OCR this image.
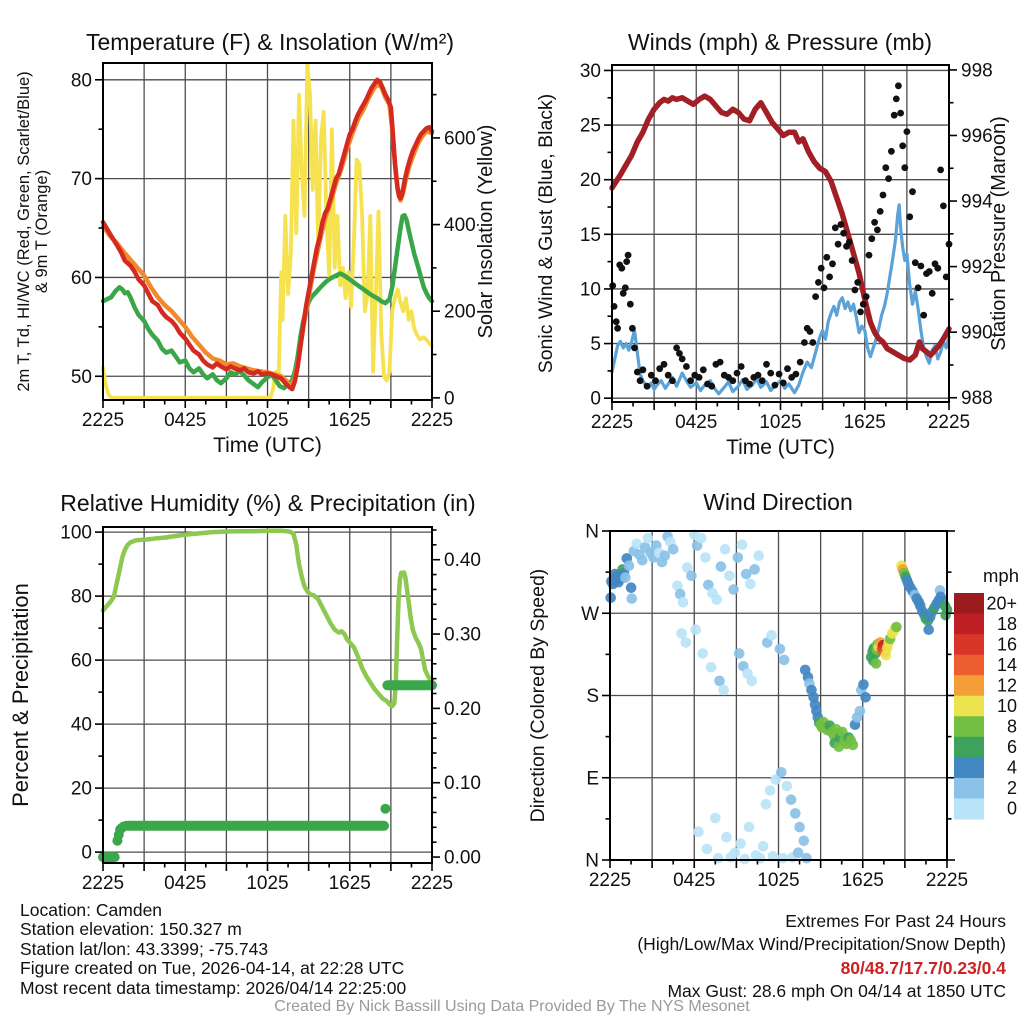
2225 0425 1025 1625 2225
50
60
70
80
0
200
400
600
Temperature (F) & Insolation (W/m²)
Time (UTC)
2m T, Td, HI/WC (Red, Green, Scarlet/Blue) & 9m T (Orange)	Solar Insolation (Yellow)
2225 0425 1025 1625 2225
0
5
10
15
20
25
30
988
990
992
994
996
998
Winds (mph) & Pressure (mb)
Time (UTC)
Sonic Wind & Gust (Blue, Black)	Station Pressure (Maroon)
2225 0425 1025 1625 2225
0
20
40
60
80
100
0.00
0.10
0.20
0.30
0.40
Relative Humidity (%) & Precipitation (in)
Percent & Precipitation
2225 0425 1025 1625 2225
N
W
S
E
N
Wind Direction
Direction (Colored By Speed)	20+
18
16
14
12
10
8
6
4
2
0
mph
Location: Camden
Station elevation: 150.327 m
Station lat/lon: 43.3399; -75.743
Figure created on Tue, 2026-04-14, at 22:28 UTC
Most recent data timestamp: 2026/04/14 22:25:00
Extremes For Past 24 Hours
(High/Low/Max Wind/Precipitation/Snow Depth)
80/48.7/17.7/0.23/0.4
Max Gust: 28.6 mph On 04/14 at 1850 UTC
Created By Nick Bassill Using Data Provided By The NYS Mesonet
